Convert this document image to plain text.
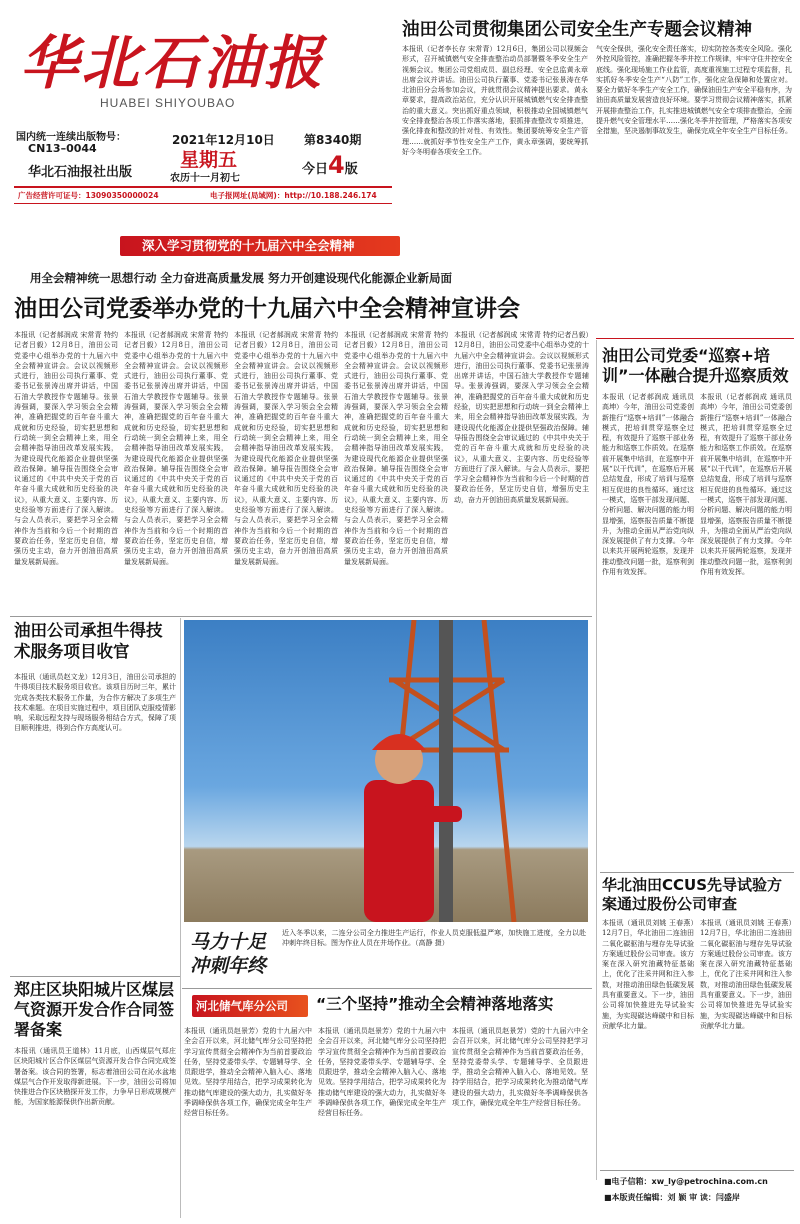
华北石油报
HUABEI SHIYOUBAO
国内统一连续出版物号：
CN13–0044
华北石油报社出版
2021年12月10日
星期五
农历十一月初七
第8340期
今日4版
广告经营许可证号：13090350000024	电子报网址(局域网)：http://10.188.246.174
油田公司贯彻集团公司安全生产专题会议精神
本报讯（记者李长存 宋常青）12月6日，集团公司以视频会形式，召开城镇燃气安全排查整治动员部署暨冬季安全生产视频会议。集团公司党组成员、副总经理、安全总监黄永章出席会议并讲话。油田公司执行董事、党委书记张景涛在华北油田分会场参加会议，并就贯彻会议精神提出要求。黄永章要求，提高政治站位，充分认识开展城镇燃气安全排查整治的重大意义。突出抓好重点领域，积极推动全国城镇燃气安全排查整治各项工作落实落地，狠抓排查整改专项推进，强化排查和整改的针对性、有效性。集团要统筹安全生产管理……就抓好季节性安全生产工作，黄永章强调，要统筹抓好今冬明春各项安全工作。
气安全保供，强化安全责任落实，切实防控各类安全风险。强化外控风险管控，准确把握冬季井控工作规律，牢牢守住井控安全底线。强化现场施工作业监管，高度重视施工过程专项监督，扎实抓好冬季安全生产“八防”工作，强化应急保障和处置应对。要全力做好冬季生产安全工作，确保油田生产安全平稳有序，为油田高质量发展营造良好环境。要学习贯彻会议精神落实，抓紧开展排查整治工作，扎实推进城镇燃气安全专项排查整治，全面提升燃气安全管理水平……强化冬季井控管理，严格落实各项安全措施，坚决遏制事故发生，确保完成全年安全生产目标任务。
深入学习贯彻党的十九届六中全会精神
用全会精神统一思想行动 全力奋进高质量发展 努力开创建设现代化能源企业新局面
油田公司党委举办党的十九届六中全会精神宣讲会
本报讯（记者郝润成 宋常青 特约记者吕毅）12月8日，油田公司党委中心组举办党的十九届六中全会精神宣讲会。会议以视频形式进行，油田公司执行董事、党委书记张景涛出席并讲话，中国石油大学教授作专题辅导。张景涛强调，要深入学习领会全会精神，准确把握党的百年奋斗重大成就和历史经验，切实把思想和行动统一到全会精神上来，用全会精神指导油田改革发展实践，为建设现代化能源企业提供坚强政治保障。辅导报告围绕全会审议通过的《中共中央关于党的百年奋斗重大成就和历史经验的决议》，从重大意义、主要内容、历史经验等方面进行了深入解读。与会人员表示，要把学习全会精神作为当前和今后一个时期的首要政治任务，坚定历史自信，增强历史主动，奋力开创油田高质量发展新局面。
本报讯（记者郝润成 宋常青 特约记者吕毅）12月8日，油田公司党委中心组举办党的十九届六中全会精神宣讲会。会议以视频形式进行，油田公司执行董事、党委书记张景涛出席并讲话，中国石油大学教授作专题辅导。张景涛强调，要深入学习领会全会精神，准确把握党的百年奋斗重大成就和历史经验，切实把思想和行动统一到全会精神上来，用全会精神指导油田改革发展实践，为建设现代化能源企业提供坚强政治保障。辅导报告围绕全会审议通过的《中共中央关于党的百年奋斗重大成就和历史经验的决议》，从重大意义、主要内容、历史经验等方面进行了深入解读。与会人员表示，要把学习全会精神作为当前和今后一个时期的首要政治任务，坚定历史自信，增强历史主动，奋力开创油田高质量发展新局面。
本报讯（记者郝润成 宋常青 特约记者吕毅）12月8日，油田公司党委中心组举办党的十九届六中全会精神宣讲会。会议以视频形式进行，油田公司执行董事、党委书记张景涛出席并讲话，中国石油大学教授作专题辅导。张景涛强调，要深入学习领会全会精神，准确把握党的百年奋斗重大成就和历史经验，切实把思想和行动统一到全会精神上来，用全会精神指导油田改革发展实践，为建设现代化能源企业提供坚强政治保障。辅导报告围绕全会审议通过的《中共中央关于党的百年奋斗重大成就和历史经验的决议》，从重大意义、主要内容、历史经验等方面进行了深入解读。与会人员表示，要把学习全会精神作为当前和今后一个时期的首要政治任务，坚定历史自信，增强历史主动，奋力开创油田高质量发展新局面。
本报讯（记者郝润成 宋常青 特约记者吕毅）12月8日，油田公司党委中心组举办党的十九届六中全会精神宣讲会。会议以视频形式进行，油田公司执行董事、党委书记张景涛出席并讲话，中国石油大学教授作专题辅导。张景涛强调，要深入学习领会全会精神，准确把握党的百年奋斗重大成就和历史经验，切实把思想和行动统一到全会精神上来，用全会精神指导油田改革发展实践，为建设现代化能源企业提供坚强政治保障。辅导报告围绕全会审议通过的《中共中央关于党的百年奋斗重大成就和历史经验的决议》，从重大意义、主要内容、历史经验等方面进行了深入解读。与会人员表示，要把学习全会精神作为当前和今后一个时期的首要政治任务，坚定历史自信，增强历史主动，奋力开创油田高质量发展新局面。
本报讯（记者郝润成 宋常青 特约记者吕毅）12月8日，油田公司党委中心组举办党的十九届六中全会精神宣讲会。会议以视频形式进行，油田公司执行董事、党委书记张景涛出席并讲话，中国石油大学教授作专题辅导。张景涛强调，要深入学习领会全会精神，准确把握党的百年奋斗重大成就和历史经验，切实把思想和行动统一到全会精神上来，用全会精神指导油田改革发展实践，为建设现代化能源企业提供坚强政治保障。辅导报告围绕全会审议通过的《中共中央关于党的百年奋斗重大成就和历史经验的决议》，从重大意义、主要内容、历史经验等方面进行了深入解读。与会人员表示，要把学习全会精神作为当前和今后一个时期的首要政治任务，坚定历史自信，增强历史主动，奋力开创油田高质量发展新局面。
油田公司承担牛得技术服务项目收官
本报讯（通讯员赵文龙）12月3日，油田公司承担的牛得项目技术服务项目收官。该项目历时三年，累计完成各类技术服务工作量，为合作方解决了多项生产技术难题。在项目实施过程中，项目团队克服疫情影响，采取远程支持与现场服务相结合方式，保障了项目顺利推进，得到合作方高度认可。
郑庄区块阳城片区煤层气资源开发合作合同签署备案
本报讯（通讯员王道林）11月底，山西煤层气郑庄区块阳城片区合作区煤层气资源开发合作合同完成签署备案。该合同的签署，标志着油田公司在沁水盆地煤层气合作开发取得新进展。下一步，油田公司将加快推进合作区块勘探开发工作，力争早日形成规模产能，为国家能源保供作出新贡献。
马力十足 冲刺年终
近入冬季以来，二连分公司全力推进生产运行，作业人员克服低温严寒，加快施工进度，全力以赴冲刺年终目标。图为作业人员在井场作业。（高静 摄）
河北储气库分公司	“三个坚持”推动全会精神落地落实
本报讯（通讯员赵景芳）党的十九届六中全会召开以来，河北储气库分公司坚持把学习宣传贯彻全会精神作为当前首要政治任务，坚持党委带头学、专题辅导学、全员跟进学，推动全会精神入脑入心、落地见效。坚持学用结合，把学习成果转化为推动储气库建设的强大动力，扎实做好冬季调峰保供各项工作，确保完成全年生产经营目标任务。
本报讯（通讯员赵景芳）党的十九届六中全会召开以来，河北储气库分公司坚持把学习宣传贯彻全会精神作为当前首要政治任务，坚持党委带头学、专题辅导学、全员跟进学，推动全会精神入脑入心、落地见效。坚持学用结合，把学习成果转化为推动储气库建设的强大动力，扎实做好冬季调峰保供各项工作，确保完成全年生产经营目标任务。
本报讯（通讯员赵景芳）党的十九届六中全会召开以来，河北储气库分公司坚持把学习宣传贯彻全会精神作为当前首要政治任务，坚持党委带头学、专题辅导学、全员跟进学，推动全会精神入脑入心、落地见效。坚持学用结合，把学习成果转化为推动储气库建设的强大动力，扎实做好冬季调峰保供各项工作，确保完成全年生产经营目标任务。
油田公司党委“巡察+培训”一体融合提升巡察质效
本报讯（记者郝润成 通讯员高坤）今年，油田公司党委创新推行“巡察+培训”一体融合模式，把培训贯穿巡察全过程，有效提升了巡察干部业务能力和巡察工作质效。在巡察前开展集中培训，在巡察中开展“以干代训”，在巡察后开展总结复盘，形成了培训与巡察相互促进的良性循环。通过这一模式，巡察干部发现问题、分析问题、解决问题的能力明显增强，巡察报告质量不断提升，为推动全面从严治党向纵深发展提供了有力支撑。今年以来共开展两轮巡察，发现并推动整改问题一批，巡察利剑作用有效发挥。
本报讯（记者郝润成 通讯员高坤）今年，油田公司党委创新推行“巡察+培训”一体融合模式，把培训贯穿巡察全过程，有效提升了巡察干部业务能力和巡察工作质效。在巡察前开展集中培训，在巡察中开展“以干代训”，在巡察后开展总结复盘，形成了培训与巡察相互促进的良性循环。通过这一模式，巡察干部发现问题、分析问题、解决问题的能力明显增强，巡察报告质量不断提升，为推动全面从严治党向纵深发展提供了有力支撑。今年以来共开展两轮巡察，发现并推动整改问题一批，巡察利剑作用有效发挥。
华北油田CCUS先导试验方案通过股份公司审查
本报讯（通讯员刘姚 王春燕）12月7日，华北油田二连油田二氧化碳驱油与埋存先导试验方案通过股份公司审查。该方案在深入研究油藏特征基础上，优化了注采井网和注入参数，对推动油田绿色低碳发展具有重要意义。下一步，油田公司将加快推进先导试验实施，为实现碳达峰碳中和目标贡献华北力量。
本报讯（通讯员刘姚 王春燕）12月7日，华北油田二连油田二氧化碳驱油与埋存先导试验方案通过股份公司审查。该方案在深入研究油藏特征基础上，优化了注采井网和注入参数，对推动油田绿色低碳发展具有重要意义。下一步，油田公司将加快推进先导试验实施，为实现碳达峰碳中和目标贡献华北力量。
■电子信箱：xw_ly@petrochina.com.cn
■本版责任编辑：刘 颖 审 读：闫盛岸
